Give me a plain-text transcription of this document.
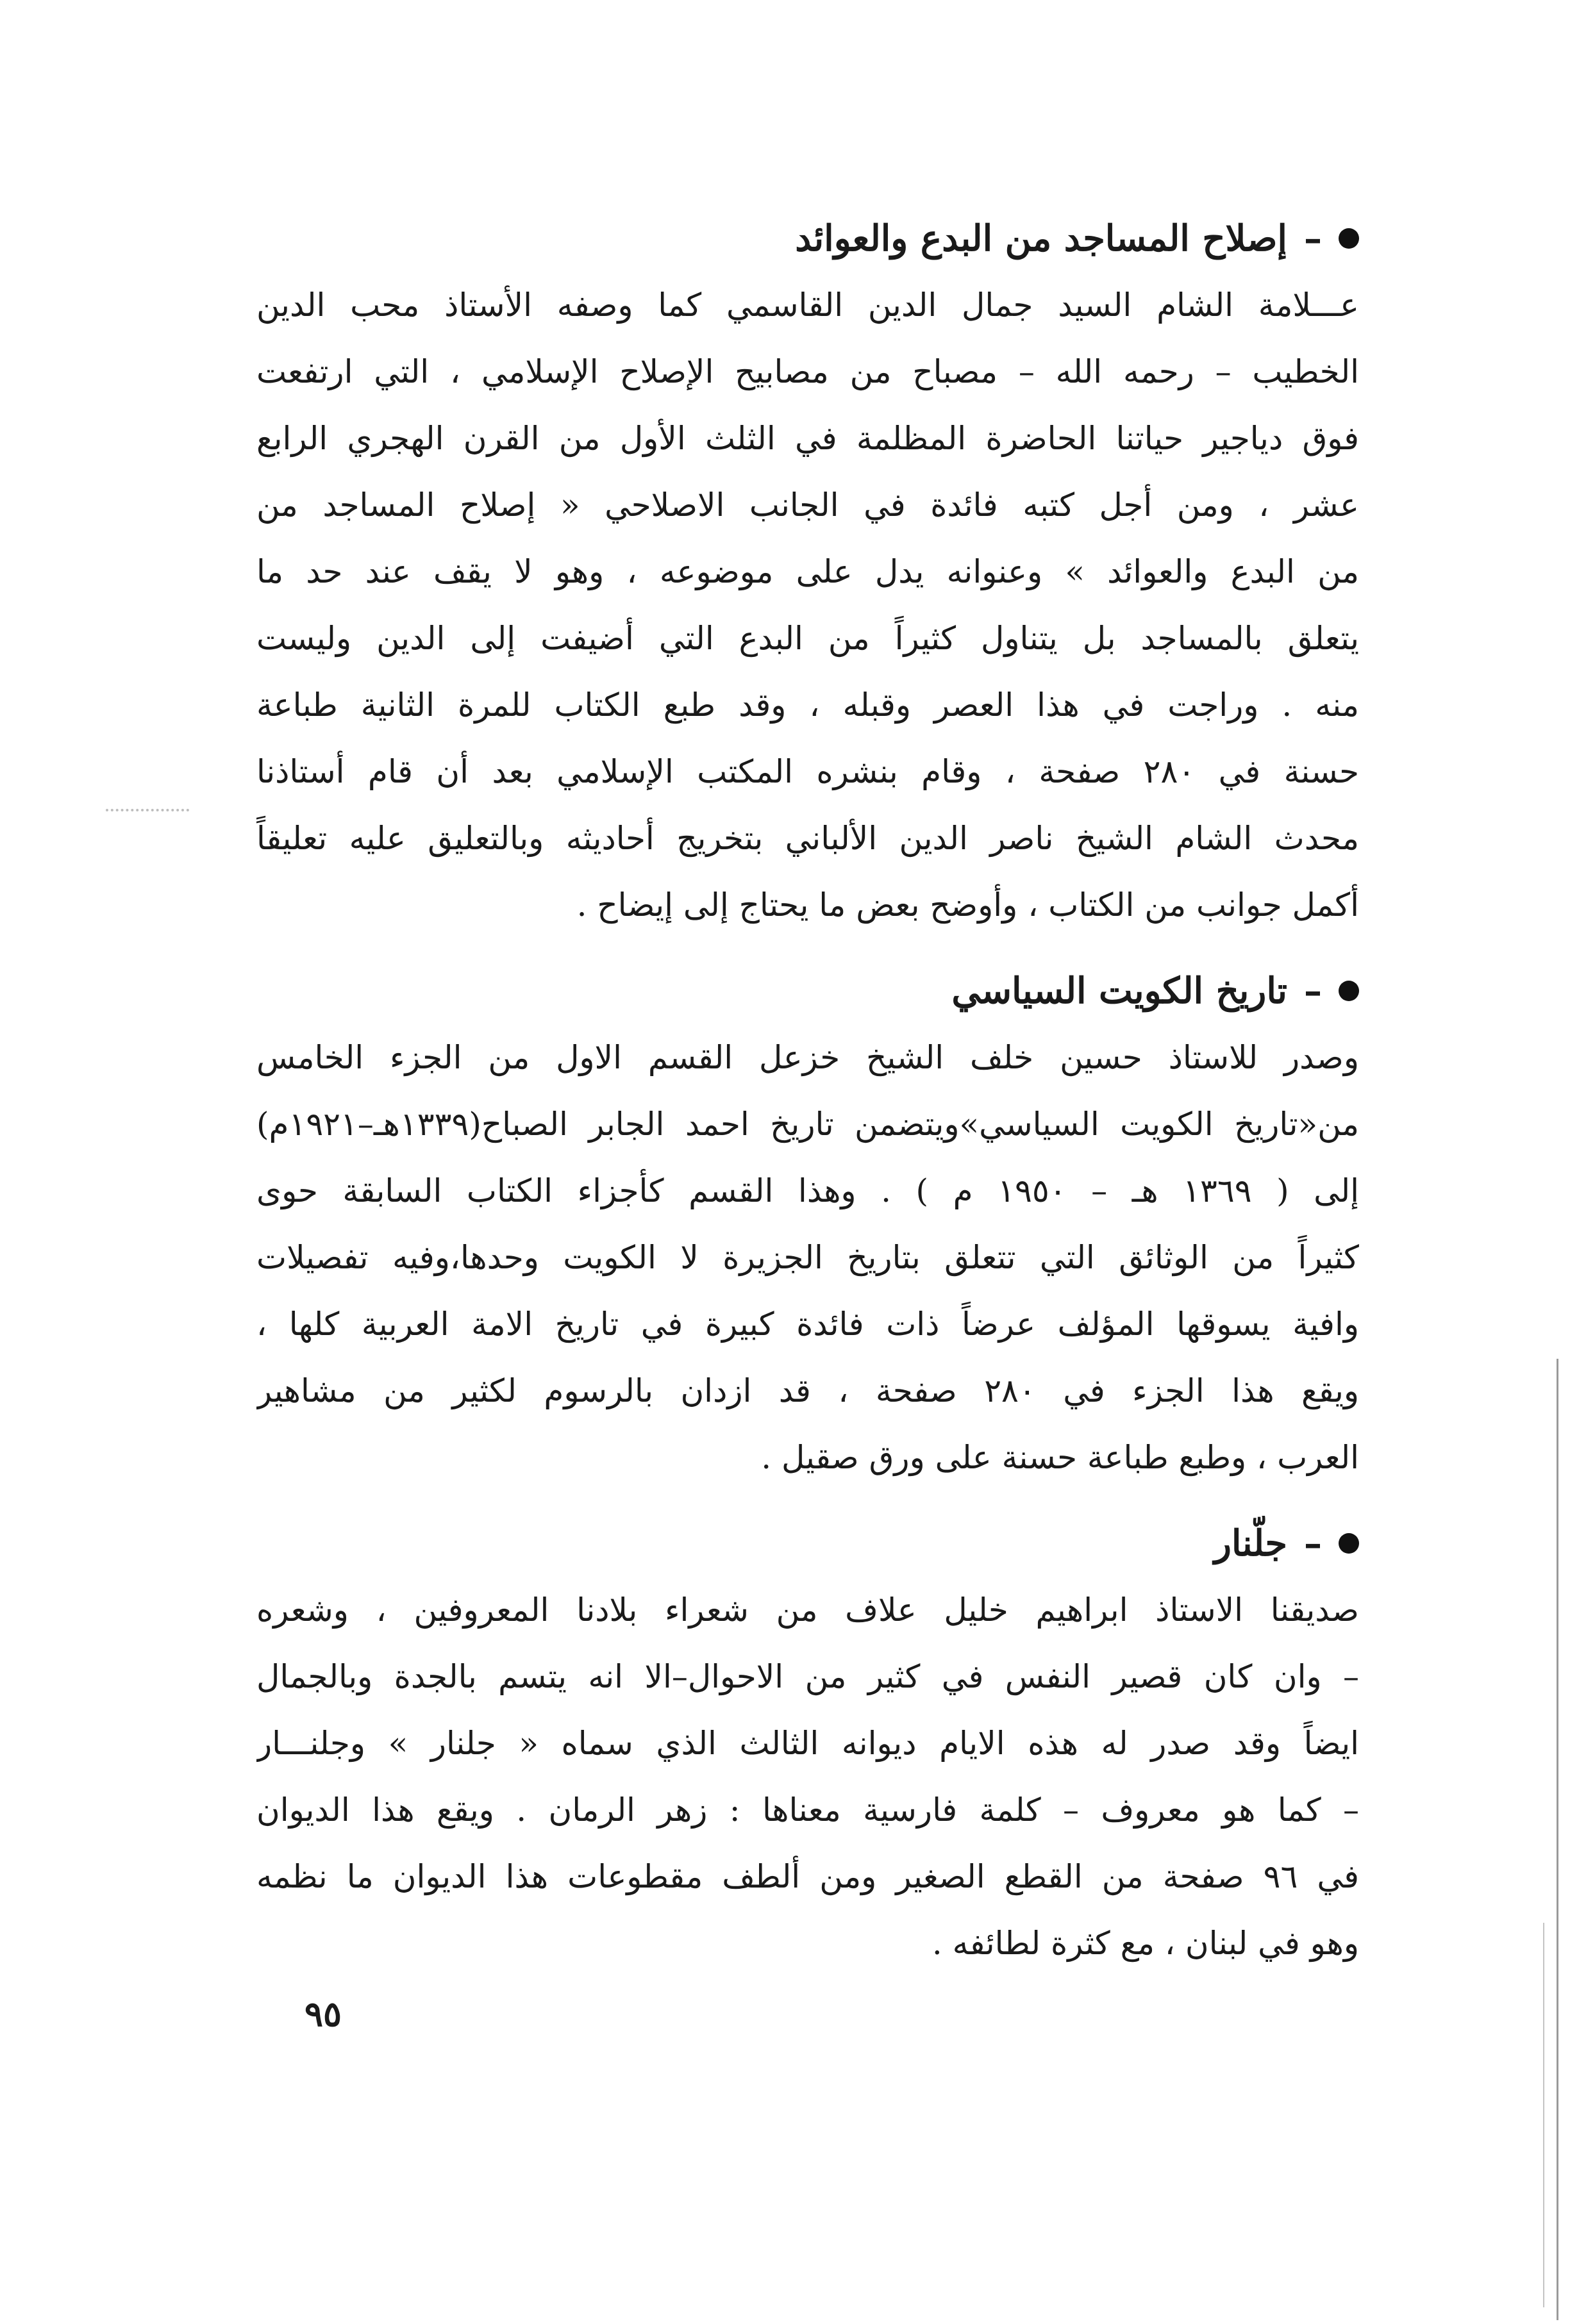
–
إصلاح المساجد من البدع والعوائد
عـــلامة الشام السيد جمال الدين القاسمي كما وصفه الأستاذ محب الدين
الخطيب – رحمه الله – مصباح من مصابيح الإصلاح الإسلامي ، التي ارتفعت
فوق دياجير حياتنا الحاضرة المظلمة في الثلث الأول من القرن الهجري الرابع
عشر ، ومن أجل كتبه فائدة في الجانب الاصلاحي « إصلاح المساجد من
من البدع والعوائد » وعنوانه يدل على موضوعه ، وهو لا يقف عند حد ما
يتعلق بالمساجد بل يتناول كثيراً من البدع التي أضيفت إلى الدين وليست
منه . وراجت في هذا العصر وقبله ، وقد طبع الكتاب للمرة الثانية طباعة
حسنة في ٢٨٠ صفحة ، وقام بنشره المكتب الإسلامي بعد أن قام أستاذنا
محدث الشام الشيخ ناصر الدين الألباني بتخريج أحاديثه وبالتعليق عليه تعليقاً
أكمل جوانب من الكتاب ، وأوضح بعض ما يحتاج إلى إيضاح .
–
تاريخ الكويت السياسي
وصدر للاستاذ حسين خلف الشيخ خزعل القسم الاول من الجزء الخامس
من«تاريخ الكويت السياسي»ويتضمن تاريخ احمد الجابر الصباح(١٣٣٩هـ–١٩٢١م)
إلى ( ١٣٦٩ هـ – ١٩٥٠ م ) . وهذا القسم كأجزاء الكتاب السابقة حوى
كثيراً من الوثائق التي تتعلق بتاريخ الجزيرة لا الكويت وحدها،وفيه تفصيلات
وافية يسوقها المؤلف عرضاً ذات فائدة كبيرة في تاريخ الامة العربية كلها ،
ويقع هذا الجزء في ٢٨٠ صفحة ، قد ازدان بالرسوم لكثير من مشاهير
العرب ، وطبع طباعة حسنة على ورق صقيل .
–
جلّنار
صديقنا الاستاذ ابراهيم خليل علاف من شعراء بلادنا المعروفين ، وشعره
– وان كان قصير النفس في كثير من الاحوال–الا انه يتسم بالجدة وبالجمال
ايضاً وقد صدر له هذه الايام ديوانه الثالث الذي سماه « جلنار » وجلنـــار
– كما هو معروف – كلمة فارسية معناها : زهر الرمان . ويقع هذا الديوان
في ٩٦ صفحة من القطع الصغير ومن ألطف مقطوعات هذا الديوان ما نظمه
وهو في لبنان ، مع كثرة لطائفه .
٩٥
